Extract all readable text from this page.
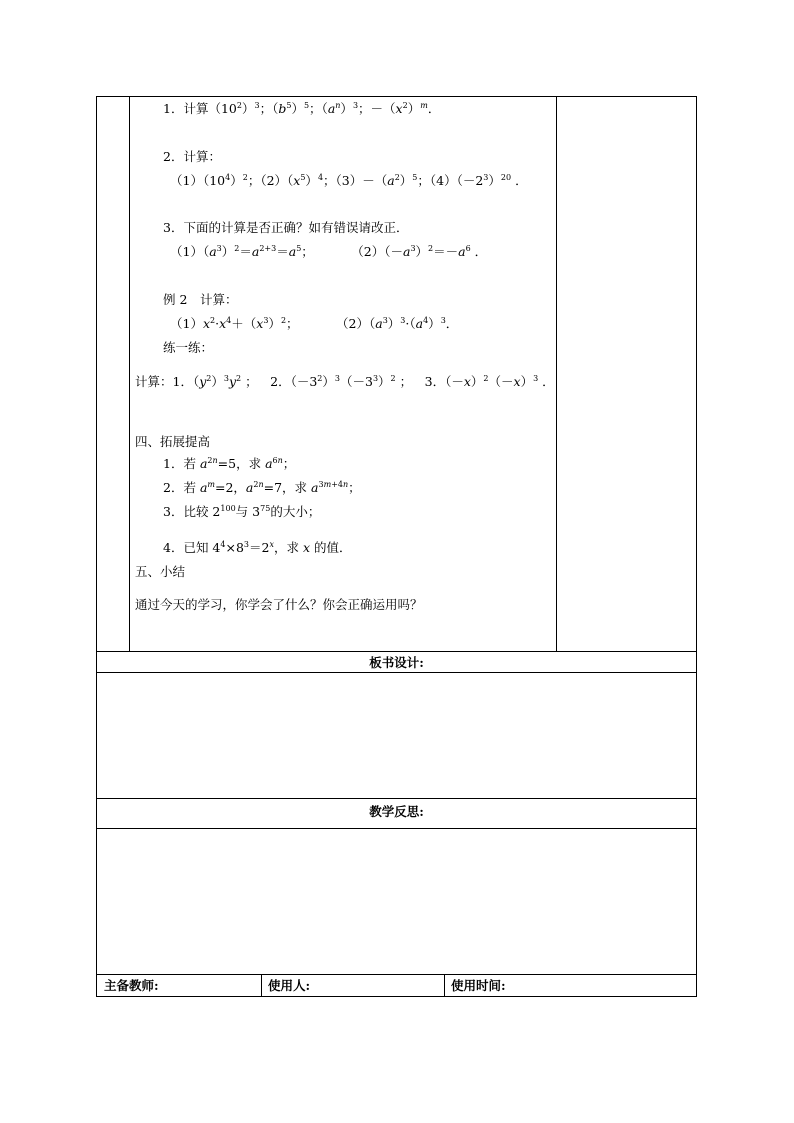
1．计算$(10^2)^3$；$(b^5)^5$；$(a^n)^3$；$-(x^2)^m$．
2．计算：
$(1)(10^4)^2$；$(2)(x^5)^4$；$(3)-(a^2)^5$；$(4)(-2^3)^{20}$ ．
3．下面的计算是否正确？如有错误请改正．
$(1)(a^3)^2=a^{2+3}=a^5$；   $(2)(-a^3)^2=-a^6$ ．
例 2  计算：
$(1)x^2\cdot x^4+(x^3)^2$；   $(2)(a^3)^3\cdot(a^4)^3$．
练一练：
计算：1．$(y^2)^3y^2$ ； 2．$(-3^2)^3(-3^3)^2$ ； 3．$(-x)^2(-x)^3$ ．
四、拓展提高
1．若 $a^{2n}=5$，求 $a^{6n}$；
2．若 $a^m=2$，$a^{2n}=7$，求 $a^{3m+4n}$；
3．比较 $2^{100}$与 $3^{75}$的大小；
4．已知 $4^4\times 8^3=2^x$，求 x 的值．
五、小结
通过今天的学习，你学会了什么？你会正确运用吗？
板书设计:
教学反思:
主备教师:	使用人:	使用时间:
